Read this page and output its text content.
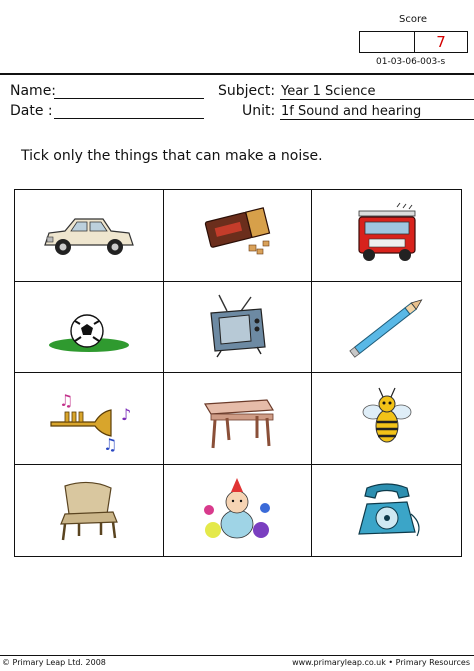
Score
7
01-03-06-003-s
Name:
Date :
Subject: Year 1 Science
Unit: 1f Sound and hearing
Tick only the things that can make a noise.
♫
♪
♫
© Primary Leap Ltd. 2008	www.primaryleap.co.uk • Primary Resources
